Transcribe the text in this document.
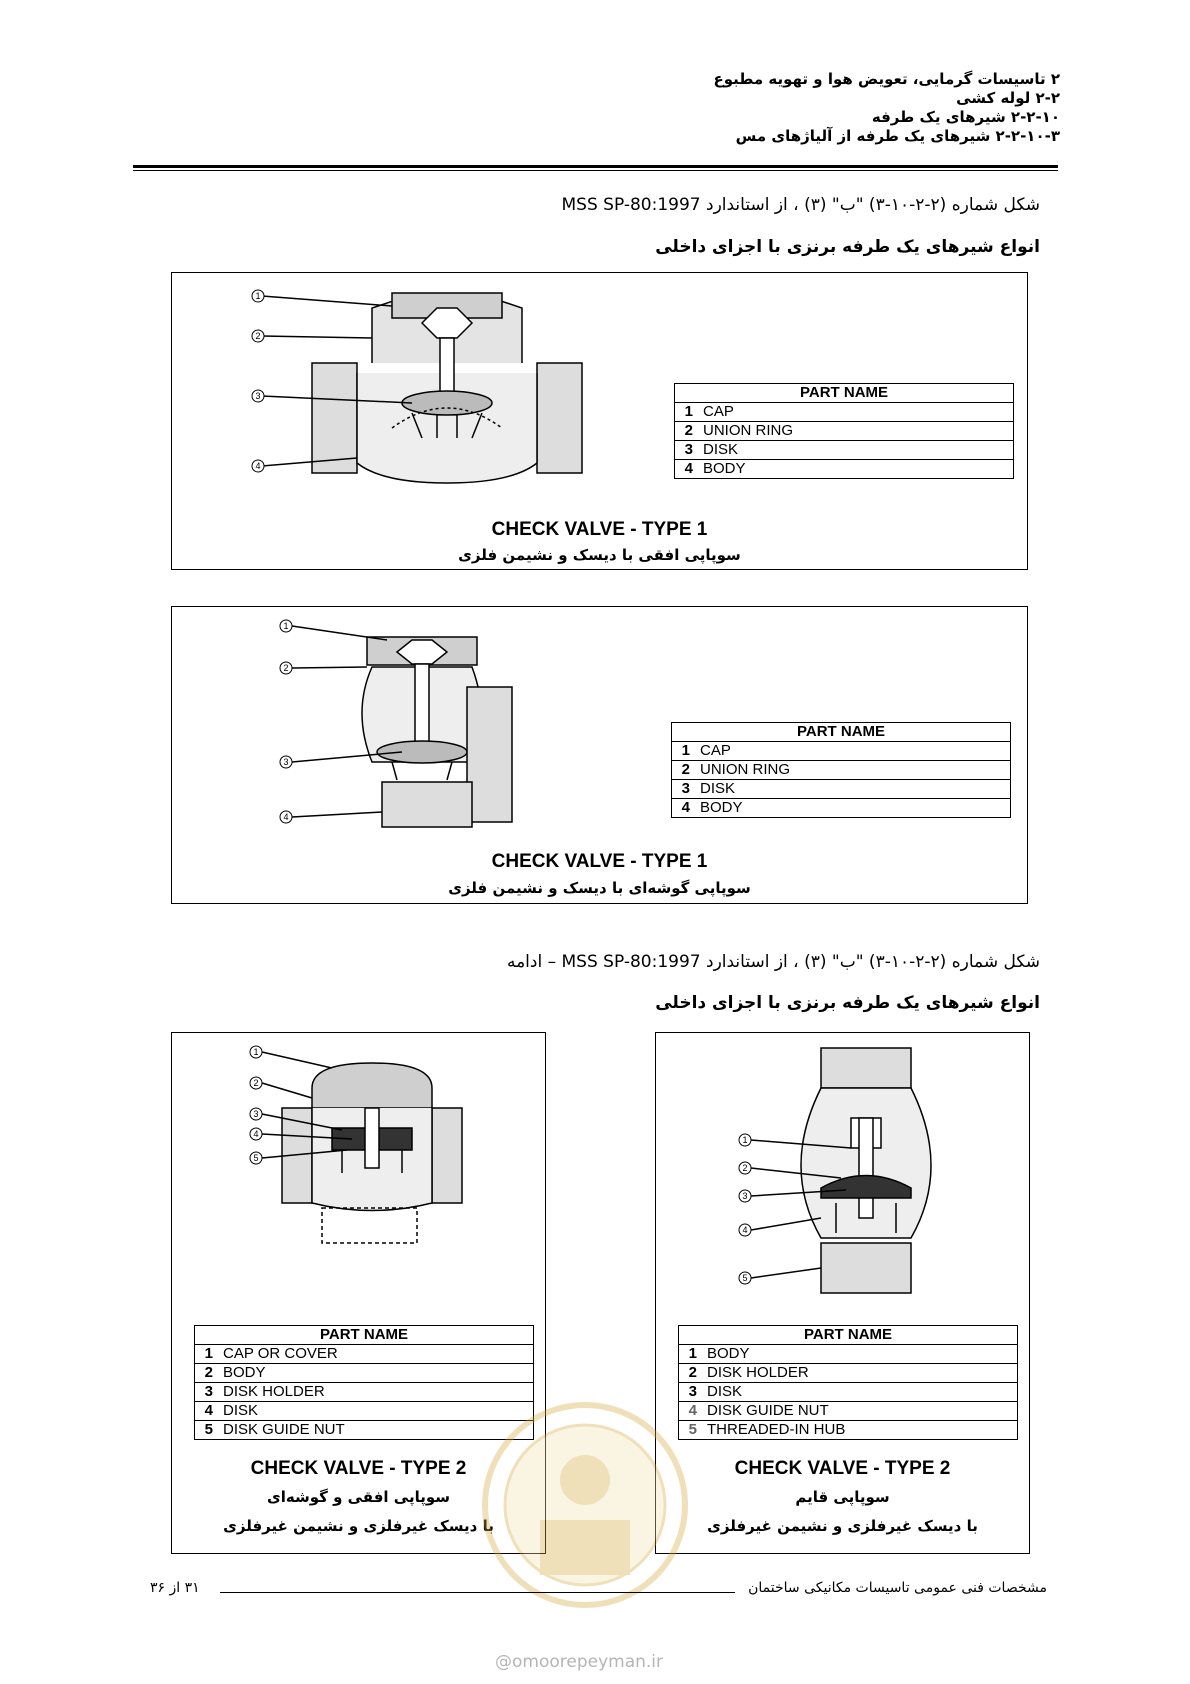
۲ تاسیسات گرمایی، تعویض هوا و تهویه مطبوع
۲-۲ لوله کشی
۲-۲-۱۰ شیرهای یک طرفه
۲-۲-۱۰-۳ شیرهای یک طرفه از آلیاژهای مس
شکل شماره (۲-۲-۱۰-۳) "ب" (۳) ، از استاندارد MSS SP-80:1997
انواع شیرهای یک طرفه برنزی با اجزای داخلی
1
2
3
4
PART NAME	
1	CAP
2	UNION RING
3	DISK
4	BODY
CHECK VALVE - TYPE 1
سوپاپی افقی با دیسک و نشیمن فلزی
1
2
3
4
PART NAME	
1	CAP
2	UNION RING
3	DISK
4	BODY
CHECK VALVE - TYPE 1
سوپاپی گوشه‌ای با دیسک و نشیمن فلزی
شکل شماره (۲-۲-۱۰-۳) "ب" (۳) ، از استاندارد MSS SP-80:1997 – ادامه
انواع شیرهای یک طرفه برنزی با اجزای داخلی
1
2
3
4
5
PART NAME	
1	CAP OR COVER
2	BODY
3	DISK HOLDER
4	DISK
5	DISK GUIDE NUT
CHECK VALVE - TYPE 2
سوپاپی افقی و گوشه‌ای
با دیسک غیرفلزی و نشیمن غیرفلزی
1
2
3
4
5
PART NAME	
1	BODY
2	DISK HOLDER
3	DISK
4	DISK GUIDE NUT
5	THREADED-IN HUB
CHECK VALVE - TYPE 2
سوپاپی قایم
با دیسک غیرفلزی و نشیمن غیرفلزی
مشخصات فنی عمومی تاسیسات مکانیکی ساختمان
۳۱ از ۳۶
@omoorepeyman.ir
